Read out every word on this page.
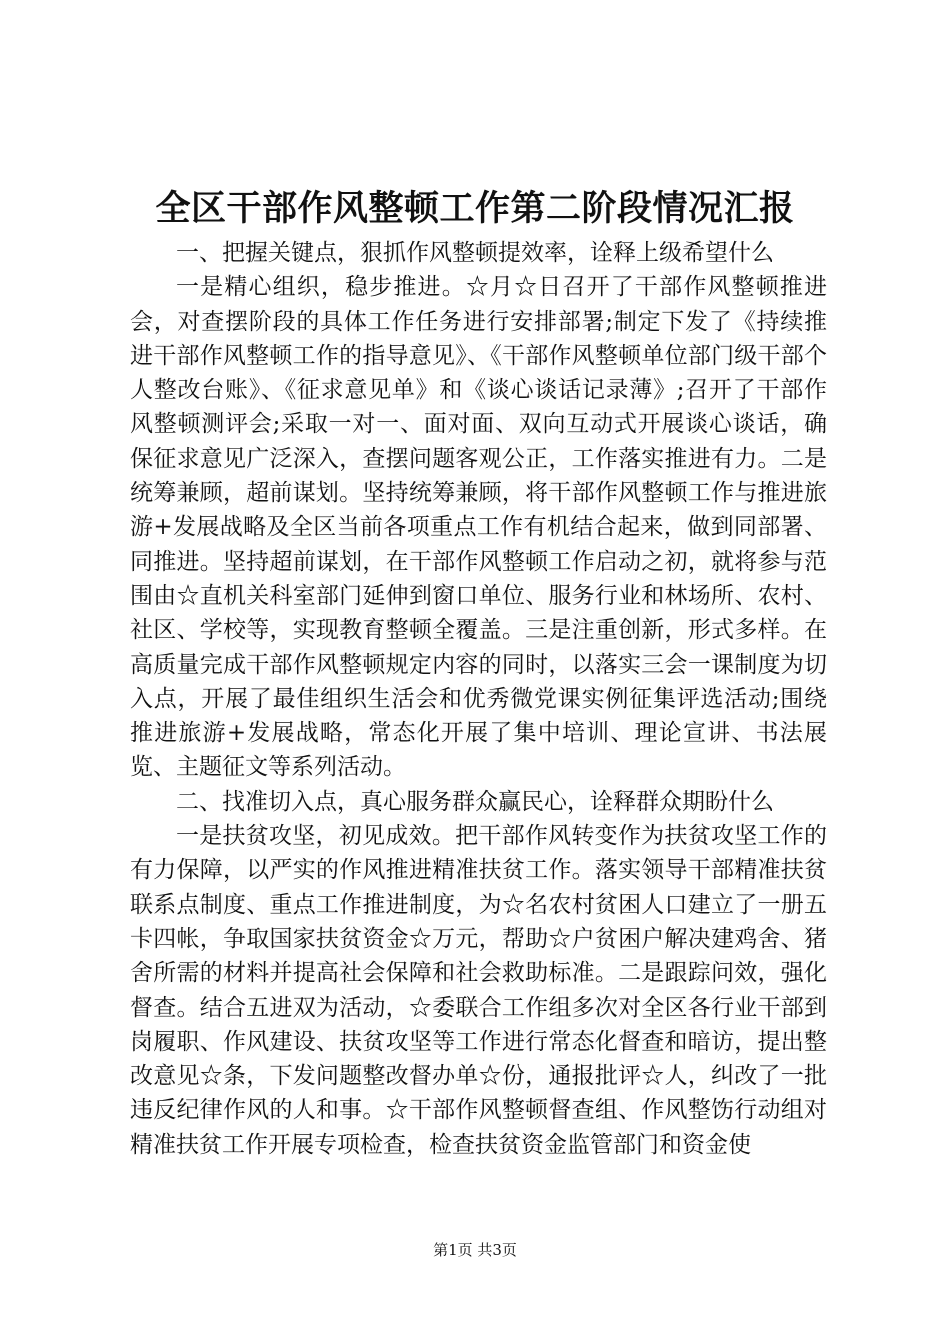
全区干部作风整顿工作第二阶段情况汇报

一、把握关键点，狠抓作风整顿提效率，诠释上级希望什么

一是精心组织，稳步推进。☆月☆日召开了干部作风整顿推进会，对查摆阶段的具体工作任务进行安排部署;制定下发了《持续推进干部作风整顿工作的指导意见》、《干部作风整顿单位部门级干部个人整改台账》、《征求意见单》和《谈心谈话记录薄》;召开了干部作风整顿测评会;采取一对一、面对面、双向互动式开展谈心谈话，确保征求意见广泛深入，查摆问题客观公正，工作落实推进有力。二是统筹兼顾，超前谋划。坚持统筹兼顾，将干部作风整顿工作与推进旅游+发展战略及全区当前各项重点工作有机结合起来，做到同部署、同推进。坚持超前谋划，在干部作风整顿工作启动之初，就将参与范围由☆直机关科室部门延伸到窗口单位、服务行业和林场所、农村、社区、学校等，实现教育整顿全覆盖。三是注重创新，形式多样。在高质量完成干部作风整顿规定内容的同时，以落实三会一课制度为切入点，开展了最佳组织生活会和优秀微党课实例征集评选活动;围绕推进旅游+发展战略，常态化开展了集中培训、理论宣讲、书法展览、主题征文等系列活动。

二、找准切入点，真心服务群众赢民心，诠释群众期盼什么

一是扶贫攻坚，初见成效。把干部作风转变作为扶贫攻坚工作的有力保障，以严实的作风推进精准扶贫工作。落实领导干部精准扶贫联系点制度、重点工作推进制度，为☆名农村贫困人口建立了一册五卡四帐，争取国家扶贫资金☆万元，帮助☆户贫困户解决建鸡舍、猪舍所需的材料并提高社会保障和社会救助标准。二是跟踪问效，强化督查。结合五进双为活动，☆委联合工作组多次对全区各行业干部到岗履职、作风建设、扶贫攻坚等工作进行常态化督查和暗访，提出整改意见☆条，下发问题整改督办单☆份，通报批评☆人，纠改了一批违反纪律作风的人和事。☆干部作风整顿督查组、作风整饬行动组对精准扶贫工作开展专项检查，检查扶贫资金监管部门和资金使

第1页 共3页
